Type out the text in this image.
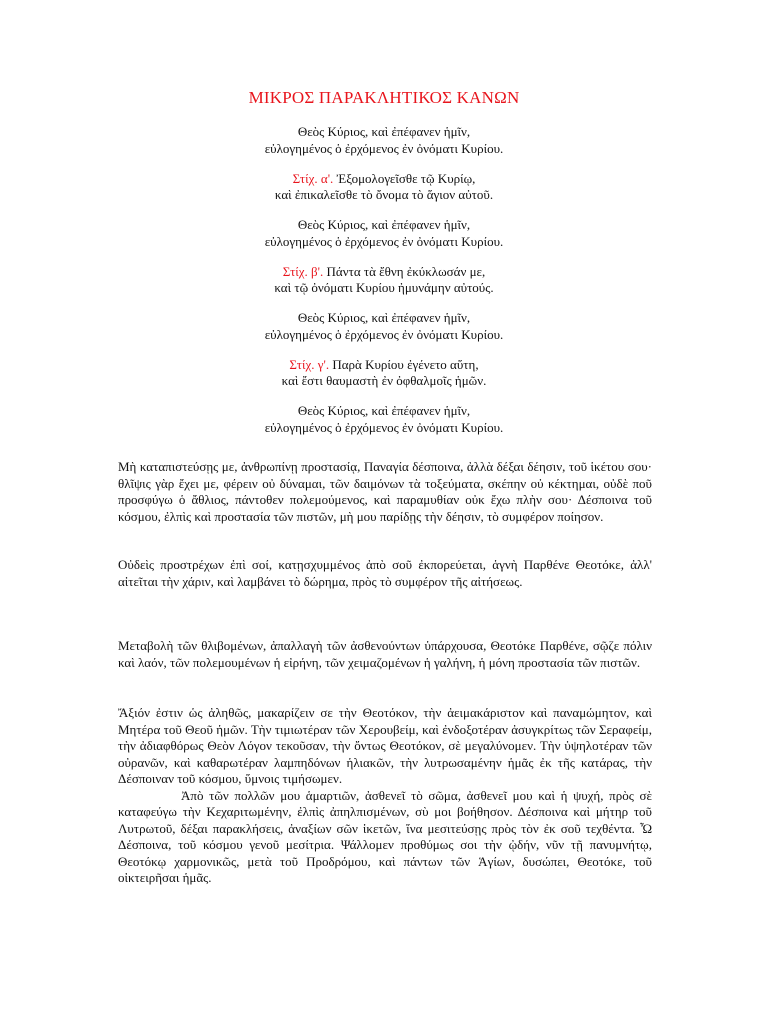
ΜΙΚΡΟΣ ΠΑΡΑΚΛΗΤΙΚΟΣ ΚΑΝΩΝ
Θεὸς Κύριος, καὶ ἐπέφανεν ἡμῖν,
εὐλογημένος ὁ ἐρχόμενος ἐν ὀνόματι Κυρίου.
Στίχ. α'. Ἐξομολογεῖσθε τῷ Κυρίῳ,
καὶ ἐπικαλεῖσθε τὸ ὄνομα τὸ ἅγιον αὐτοῦ.
Θεὸς Κύριος, καὶ ἐπέφανεν ἡμῖν,
εὐλογημένος ὁ ἐρχόμενος ἐν ὀνόματι Κυρίου.
Στίχ. β'. Πάντα τὰ ἔθνη ἐκύκλωσάν με,
καὶ τῷ ὀνόματι Κυρίου ἠμυνάμην αὐτούς.
Θεὸς Κύριος, καὶ ἐπέφανεν ἡμῖν,
εὐλογημένος ὁ ἐρχόμενος ἐν ὀνόματι Κυρίου.
Στίχ. γ'. Παρὰ Κυρίου ἐγένετο αὕτη,
καὶ ἔστι θαυμαστὴ ἐν ὀφθαλμοῖς ἡμῶν.
Θεὸς Κύριος, καὶ ἐπέφανεν ἡμῖν,
εὐλογημένος ὁ ἐρχόμενος ἐν ὀνόματι Κυρίου.

Μὴ καταπιστεύσῃς με, ἀνθρωπίνῃ προστασίᾳ, Παναγία δέσποινα, ἀλλὰ δέξαι δέησιν, τοῦ ἱκέτου σου· θλῖψις γὰρ ἔχει με, φέρειν οὐ δύναμαι, τῶν δαιμόνων τὰ τοξεύματα, σκέπην οὐ κέκτημαι, οὐδὲ ποῦ προσφύγω ὁ ἄθλιος, πάντοθεν πολεμούμενος, καὶ παραμυθίαν οὐκ ἔχω πλὴν σου· Δέσποινα τοῦ κόσμου, ἐλπὶς καὶ προστασία τῶν πιστῶν, μὴ μου παρίδῃς τὴν δέησιν, τὸ συμφέρον ποίησον.

Οὐδεὶς προστρέχων ἐπὶ σοί, κατῃσχυμμένος ἀπὸ σοῦ ἐκπορεύεται, ἁγνὴ Παρθένε Θεοτόκε, ἀλλ' αἰτεῖται τὴν χάριν, καὶ λαμβάνει τὸ δώρημα, πρὸς τὸ συμφέρον τῆς αἰτήσεως.

Μεταβολὴ τῶν θλιβομένων, ἀπαλλαγὴ τῶν ἀσθενούντων ὑπάρχουσα, Θεοτόκε Παρθένε, σῷζε πόλιν καὶ λαόν, τῶν πολεμουμένων ἡ εἰρήνη, τῶν χειμαζομένων ἡ γαλήνη, ἡ μόνη προστασία τῶν πιστῶν.

Ἄξιόν ἐστιν ὡς ἀληθῶς, μακαρίζειν σε τὴν Θεοτόκον, τὴν ἀειμακάριστον καὶ παναμώμητον, καὶ Μητέρα τοῦ Θεοῦ ἡμῶν. Τὴν τιμιωτέραν τῶν Χερουβείμ, καὶ ἐνδοξοτέραν ἀσυγκρίτως τῶν Σεραφείμ, τὴν ἀδιαφθόρως Θεὸν Λόγον τεκοῦσαν, τὴν ὄντως Θεοτόκον, σὲ μεγαλύνομεν. Τὴν ὑψηλοτέραν τῶν οὐρανῶν, καὶ καθαρωτέραν λαμπηδόνων ἡλιακῶν, τὴν λυτρωσαμένην ἡμᾶς ἐκ τῆς κατάρας, τὴν Δέσποιναν τοῦ κόσμου, ὕμνοις τιμήσωμεν.

Ἀπὸ τῶν πολλῶν μου ἁμαρτιῶν, ἀσθενεῖ τὸ σῶμα, ἀσθενεῖ μου καὶ ἡ ψυχή, πρὸς σὲ καταφεύγω τὴν Κεχαριτωμένην, ἐλπὶς ἀπηλπισμένων, σὺ μοι βοήθησον. Δέσποινα καὶ μήτηρ τοῦ Λυτρωτοῦ, δέξαι παρακλήσεις, ἀναξίων σῶν ἱκετῶν, ἵνα μεσιτεύσῃς πρὸς τὸν ἐκ σοῦ τεχθέντα. Ὦ Δέσποινα, τοῦ κόσμου γενοῦ μεσίτρια. Ψάλλομεν προθύμως σοι τὴν ᾠδήν, νῦν τῇ πανυμνήτῳ, Θεοτόκῳ χαρμονικῶς, μετὰ τοῦ Προδρόμου, καὶ πάντων τῶν Ἁγίων, δυσώπει, Θεοτόκε, τοῦ οἰκτειρῆσαι ἡμᾶς.
